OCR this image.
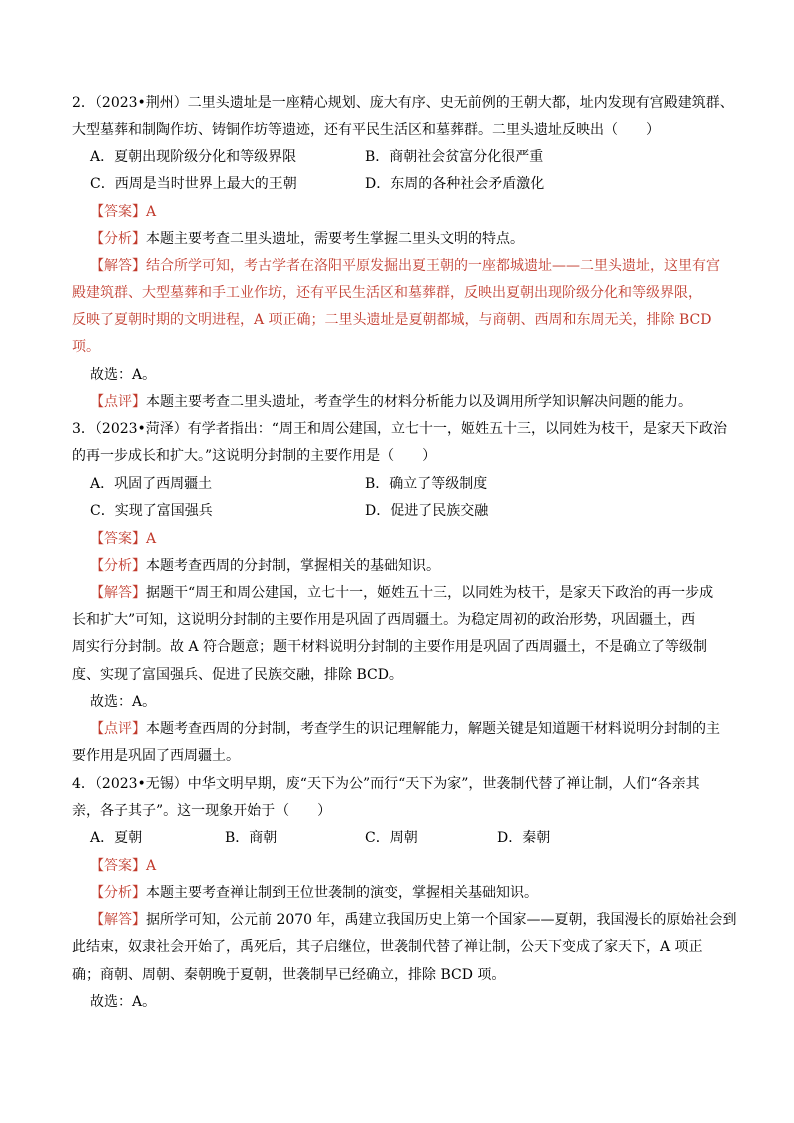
2．（2023•荆州）二里头遗址是一座精心规划、庞大有序、史无前例的王朝大都，址内发现有宫殿建筑群、
大型墓葬和制陶作坊、铸铜作坊等遗迹，还有平民生活区和墓葬群。二里头遗址反映出（　　）
A．夏朝出现阶级分化和等级界限	B．商朝社会贫富分化很严重
C．西周是当时世界上最大的王朝	D．东周的各种社会矛盾激化
【答案】A
【分析】本题主要考查二里头遗址，需要考生掌握二里头文明的特点。
【解答】结合所学可知，考古学者在洛阳平原发掘出夏王朝的一座都城遗址——二里头遗址，这里有宫
殿建筑群、大型墓葬和手工业作坊，还有平民生活区和墓葬群，反映出夏朝出现阶级分化和等级界限，
反映了夏朝时期的文明进程，A 项正确；二里头遗址是夏朝都城，与商朝、西周和东周无关，排除 BCD
项。
故选：A。
【点评】本题主要考查二里头遗址，考查学生的材料分析能力以及调用所学知识解决问题的能力。
3．（2023•菏泽）有学者指出：“周王和周公建国，立七十一，姬姓五十三，以同姓为枝干，是家天下政治
的再一步成长和扩大。”这说明分封制的主要作用是（　　）
A．巩固了西周疆土	B．确立了等级制度
C．实现了富国强兵	D．促进了民族交融
【答案】A
【分析】本题考查西周的分封制，掌握相关的基础知识。
【解答】据题干“周王和周公建国，立七十一，姬姓五十三，以同姓为枝干，是家天下政治的再一步成
长和扩大”可知，这说明分封制的主要作用是巩固了西周疆土。为稳定周初的政治形势，巩固疆土，西
周实行分封制。故 A 符合题意；题干材料说明分封制的主要作用是巩固了西周疆土，不是确立了等级制
度、实现了富国强兵、促进了民族交融，排除 BCD。
故选：A。
【点评】本题考查西周的分封制，考查学生的识记理解能力，解题关键是知道题干材料说明分封制的主
要作用是巩固了西周疆土。
4．（2023•无锡）中华文明早期，废“天下为公”而行“天下为家”，世袭制代替了禅让制，人们“各亲其
亲，各子其子”。这一现象开始于（　　）
A．夏朝	B．商朝	C．周朝	D．秦朝
【答案】A
【分析】本题主要考查禅让制到王位世袭制的演变，掌握相关基础知识。
【解答】据所学可知，公元前 2070 年，禹建立我国历史上第一个国家——夏朝，我国漫长的原始社会到
此结束，奴隶社会开始了，禹死后，其子启继位，世袭制代替了禅让制，公天下变成了家天下，A 项正
确；商朝、周朝、秦朝晚于夏朝，世袭制早已经确立，排除 BCD 项。
故选：A。
